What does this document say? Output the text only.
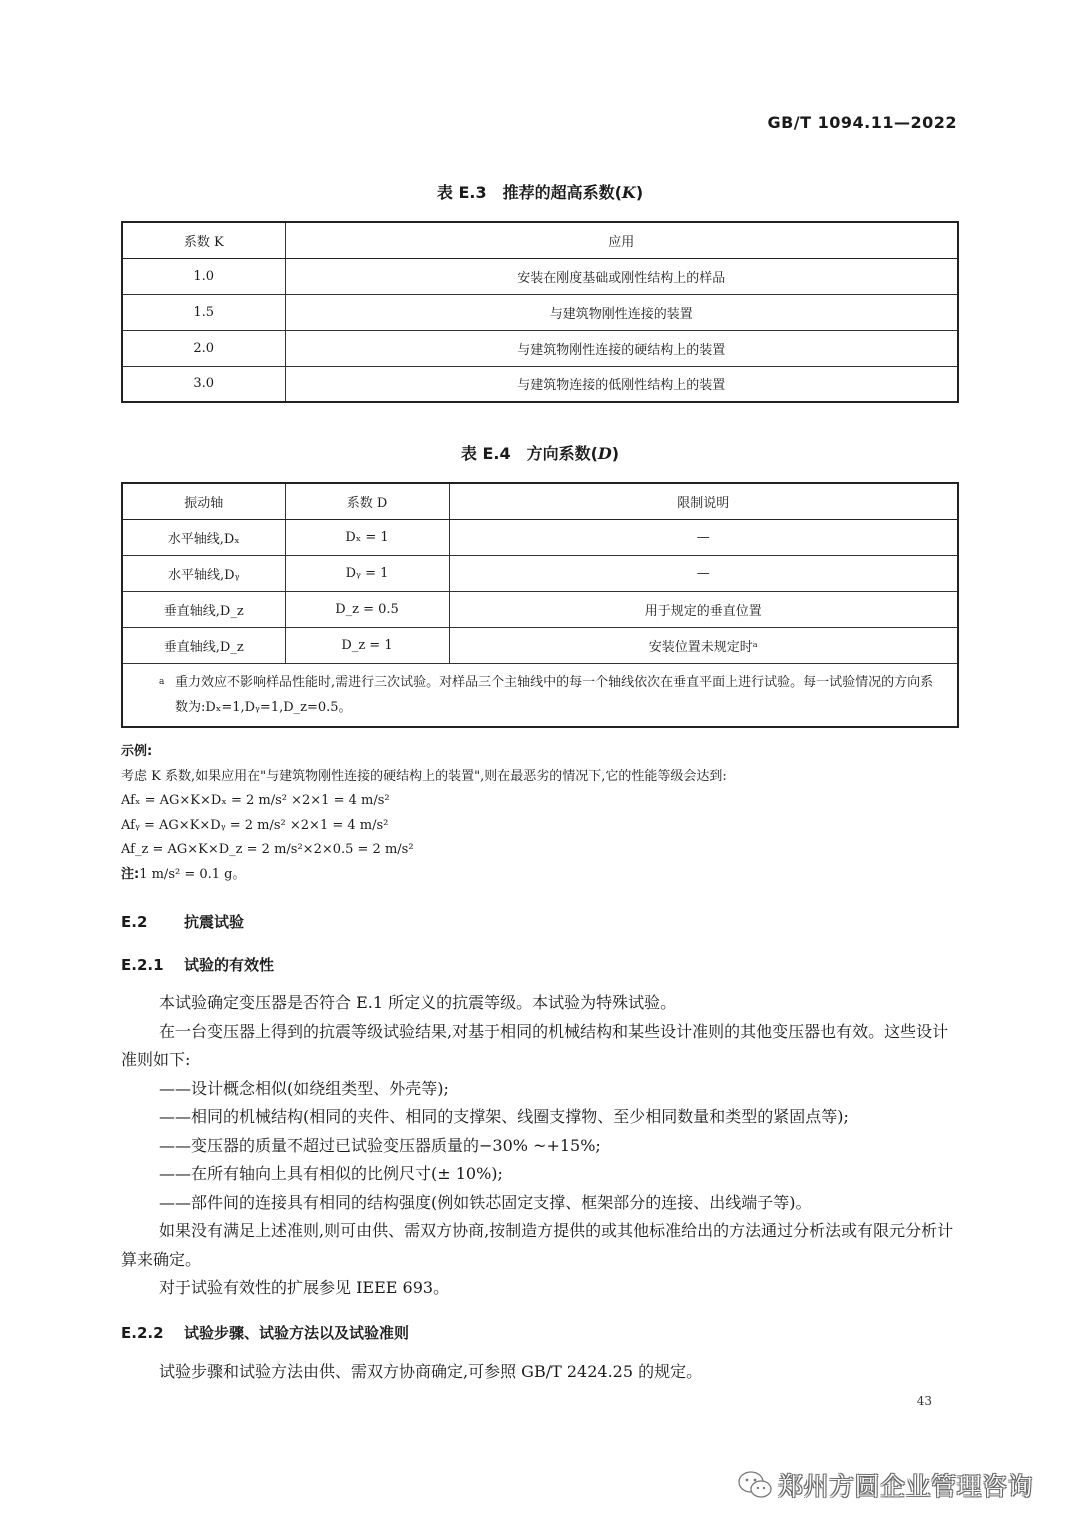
GB/T 1094.11—2022
表 E.3　推荐的超高系数(K)
系数 K	应用
1.0	安装在刚度基础或刚性结构上的样品
1.5	与建筑物刚性连接的装置
2.0	与建筑物刚性连接的硬结构上的装置
3.0	与建筑物连接的低刚性结构上的装置
表 E.4　方向系数(D)
振动轴	系数 D	限制说明
水平轴线,Dₓ	Dₓ = 1	—
水平轴线,Dᵧ	Dᵧ = 1	—
垂直轴线,D_z	D_z = 0.5	用于规定的垂直位置
垂直轴线,D_z	D_z = 1	安装位置未规定时ᵃ

a 重力效应不影响样品性能时,需进行三次试验。对样品三个主轴线中的每一个轴线依次在垂直平面上进行试验。每一试验情况的方向系数为:Dₓ=1,Dᵧ=1,D_z=0.5。		
示例:
考虑 K 系数,如果应用在"与建筑物刚性连接的硬结构上的装置",则在最恶劣的情况下,它的性能等级会达到:
Afₓ = AG×K×Dₓ = 2 m/s² ×2×1 = 4 m/s²
Afᵧ = AG×K×Dᵧ = 2 m/s² ×2×1 = 4 m/s²
Af_z = AG×K×D_z = 2 m/s²×2×0.5 = 2 m/s²
注:1 m/s² = 0.1 g。
E.2 抗震试验
E.2.1 试验的有效性

本试验确定变压器是否符合 E.1 所定义的抗震等级。本试验为特殊试验。

在一台变压器上得到的抗震等级试验结果,对基于相同的机械结构和某些设计准则的其他变压器也有效。这些设计准则如下:

——设计概念相似(如绕组类型、外壳等);

——相同的机械结构(相同的夹件、相同的支撑架、线圈支撑物、至少相同数量和类型的紧固点等);

——变压器的质量不超过已试验变压器质量的−30% ~+15%;

——在所有轴向上具有相似的比例尺寸(± 10%);

——部件间的连接具有相同的结构强度(例如铁芯固定支撑、框架部分的连接、出线端子等)。

如果没有满足上述准则,则可由供、需双方协商,按制造方提供的或其他标准给出的方法通过分析法或有限元分析计算来确定。

对于试验有效性的扩展参见 IEEE 693。

E.2.2 试验步骤、试验方法以及试验准则

试验步骤和试验方法由供、需双方协商确定,可参照 GB/T 2424.25 的规定。

43
郑州方圆企业管理咨询
